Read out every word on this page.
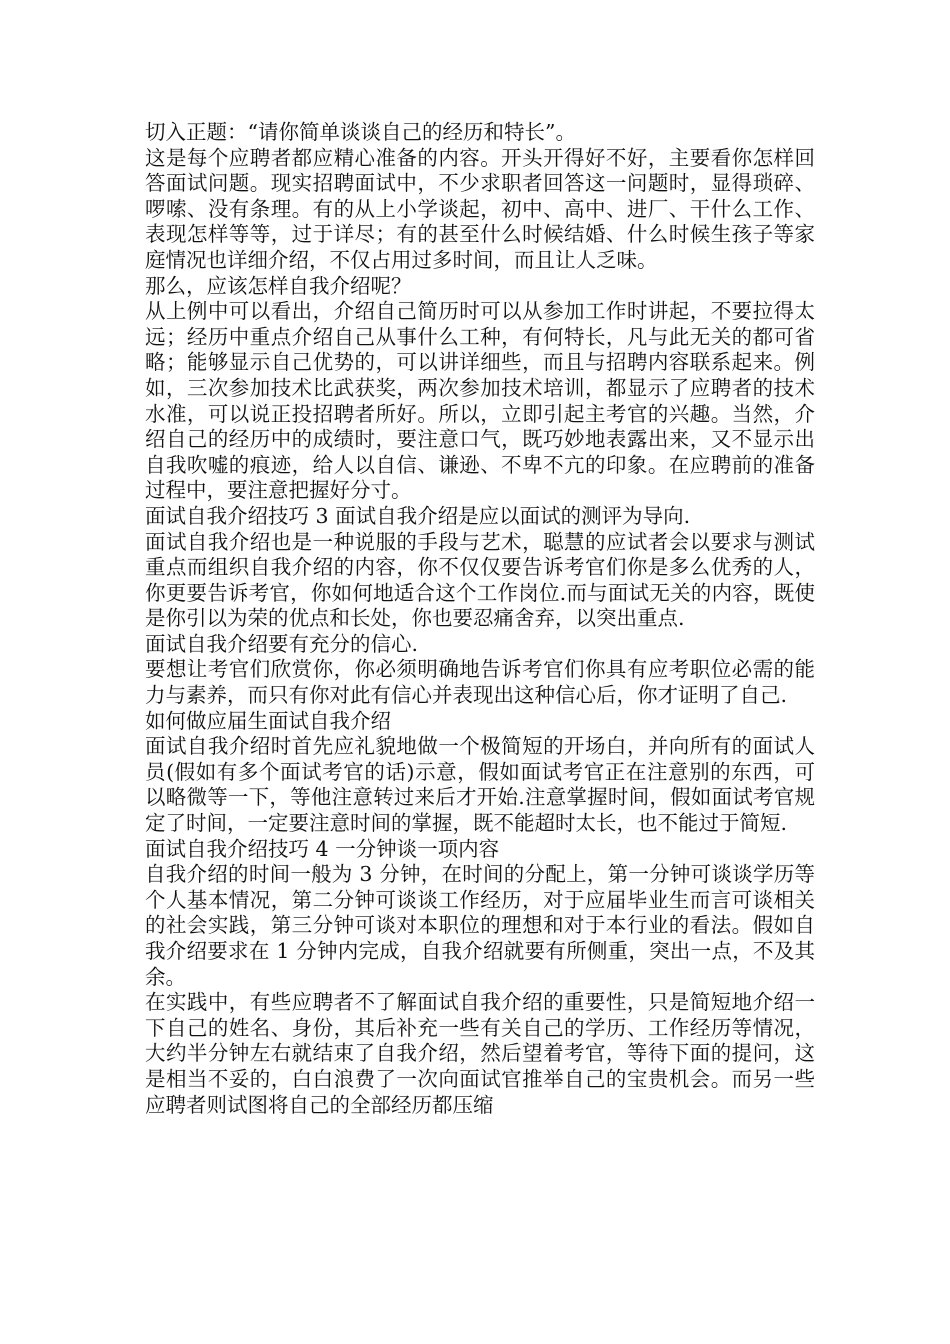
切入正题：“请你简单谈谈自己的经历和特长”。

这是每个应聘者都应精心准备的内容。开头开得好不好，主要看你怎样回答面试问题。现实招聘面试中，不少求职者回答这一问题时，显得琐碎、啰嗦、没有条理。有的从上小学谈起，初中、高中、进厂、干什么工作、表现怎样等等，过于详尽；有的甚至什么时候结婚、什么时候生孩子等家庭情况也详细介绍，不仅占用过多时间，而且让人乏味。

那么，应该怎样自我介绍呢？

从上例中可以看出，介绍自己简历时可以从参加工作时讲起，不要拉得太远；经历中重点介绍自己从事什么工种，有何特长，凡与此无关的都可省略；能够显示自己优势的，可以讲详细些，而且与招聘内容联系起来。例如，三次参加技术比武获奖，两次参加技术培训，都显示了应聘者的技术水准，可以说正投招聘者所好。所以，立即引起主考官的兴趣。当然，介绍自己的经历中的成绩时，要注意口气，既巧妙地表露出来，又不显示出自我吹嘘的痕迹，给人以自信、谦逊、不卑不亢的印象。在应聘前的准备过程中，要注意把握好分寸。

面试自我介绍技巧 3 面试自我介绍是应以面试的测评为导向.

面试自我介绍也是一种说服的手段与艺术，聪慧的应试者会以要求与测试重点而组织自我介绍的内容，你不仅仅要告诉考官们你是多么优秀的人，你更要告诉考官，你如何地适合这个工作岗位.而与面试无关的内容，既使是你引以为荣的优点和长处，你也要忍痛舍弃，以突出重点.

面试自我介绍要有充分的信心.

要想让考官们欣赏你，你必须明确地告诉考官们你具有应考职位必需的能力与素养，而只有你对此有信心并表现出这种信心后，你才证明了自己.

如何做应届生面试自我介绍

面试自我介绍时首先应礼貌地做一个极简短的开场白，并向所有的面试人员(假如有多个面试考官的话)示意，假如面试考官正在注意别的东西，可以略微等一下，等他注意转过来后才开始.注意掌握时间，假如面试考官规定了时间，一定要注意时间的掌握，既不能超时太长，也不能过于简短.

面试自我介绍技巧 4 一分钟谈一项内容

自我介绍的时间一般为 3 分钟，在时间的分配上，第一分钟可谈谈学历等个人基本情况，第二分钟可谈谈工作经历，对于应届毕业生而言可谈相关的社会实践，第三分钟可谈对本职位的理想和对于本行业的看法。假如自我介绍要求在 1 分钟内完成，自我介绍就要有所侧重，突出一点，不及其余。

在实践中，有些应聘者不了解面试自我介绍的重要性，只是简短地介绍一下自己的姓名、身份，其后补充一些有关自己的学历、工作经历等情况，大约半分钟左右就结束了自我介绍，然后望着考官，等待下面的提问，这是相当不妥的，白白浪费了一次向面试官推举自己的宝贵机会。而另一些应聘者则试图将自己的全部经历都压缩
